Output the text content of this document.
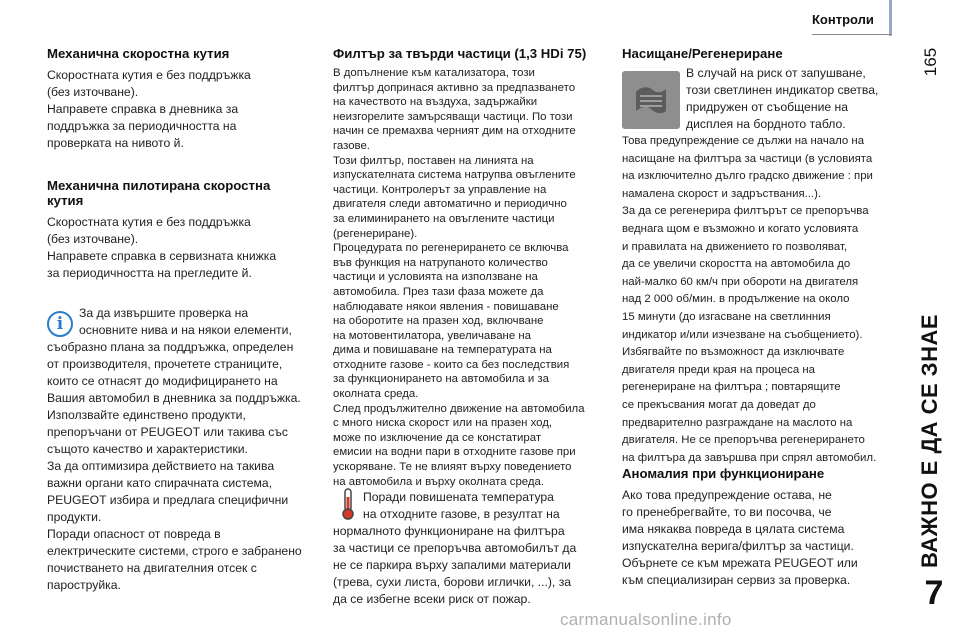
Контроли
165
ВАЖНО Е ДА СЕ ЗНАЕ
7
Механична скоростна кутия

Скоростната кутия е без поддръжка

(без източване).

Направете справка в дневника за

поддръжка за периодичността на

проверката на нивото й.

Механична пилотирана скоростна
кутия

Скоростната кутия е без поддръжка

(без източване).

Направете справка в сервизната книжка

за периодичността на прегледите й.

i

За да извършите проверка на

основните нива и на някои елементи,

съобразно плана за поддръжка, определен

от производителя, прочетете страниците,

които се отнасят до модифицирането на

Вашия автомобил в дневника за поддръжка.

Използвайте единствено продукти,

препоръчани от PEUGEOT или такива със

същото качество и характеристики.

За да оптимизира действието на такива

важни органи като спирачната система,

PEUGEOT избира и предлага специфични

продукти.

Поради опасност от повреда в

електрическите системи, строго е забранено

почистването на двигателния отсек с

пароструйка.

Филтър за твърди частици (1,3 HDi 75)

В допълнение към катализатора, този

филтър допринася активно за предпазването

на качеството на въздуха, задържайки

неизгорелите замърсяващи частици. По този

начин се премахва черният дим на отходните

газове.

Този филтър, поставен на линията на

изпускателната система натрупва овъглените

частици. Контролерът за управление на

двигателя следи автоматично и периодично

за елиминирането на овъглените частици

(регенериране).

Процедурата по регенерирането се включва

във функция на натрупаното количество

частици и условията на използване на

автомобила. През тази фаза можете да

наблюдавате някои явления - повишаване

на оборотите на празен ход, включване

на мотовентилатора, увеличаване на

дима и повишаване на температурата на

отходните газове - които са без последствия

за функционирането на автомобила и за

околната среда.

След продължително движение на автомобила

с много ниска скорост или на празен ход,

може по изключение да се констатират

емисии на водни пари в отходните газове при

ускоряване. Те не влияят върху поведението

на автомобила и върху околната среда.

Поради повишената температура

на отходните газове, в резултат на

нормалното функциониране на филтъра

за частици се препоръчва автомобилът да

не се паркира върху запалими материали

(трева, сухи листа, борови иглички, ...), за

да се избегне всеки риск от пожар.

Насищане/Регенериране

В случай на риск от запушване,

този светлинен индикатор светва,

придружен от съобщение на

дисплея на бордното табло.

Това предупреждение се дължи на начало на

насищане на филтъра за частици (в условията

на изключително дълго градско движение : при

намалена скорост и задръствания...).

За да се регенерира филтърът се препоръчва

веднага щом е възможно и когато условията

и правилата на движението го позволяват,

да се увеличи скоростта на автомобила до

най-малко 60 км/ч при обороти на двигателя

над 2 000 об/мин. в продължение на около

15 минути (до изгасване на светлинния

индикатор и/или изчезване на съобщението).

Избягвайте по възможност да изключвате

двигателя преди края на процеса на

регенериране на филтъра ; повтарящите

се прекъсвания могат да доведат до

предварително разграждане на маслото на

двигателя. Не се препоръчва регенерирането

на филтъра да завършва при спрял автомобил.

Аномалия при функциониране

Ако това предупреждение остава, не

го пренебрегвайте, то ви посочва, че

има някаква повреда в цялата система

изпускателна верига/филтър за частици.

Обърнете се към мрежата PEUGEOT или

към специализиран сервиз за проверка.

carmanualsonline.info
